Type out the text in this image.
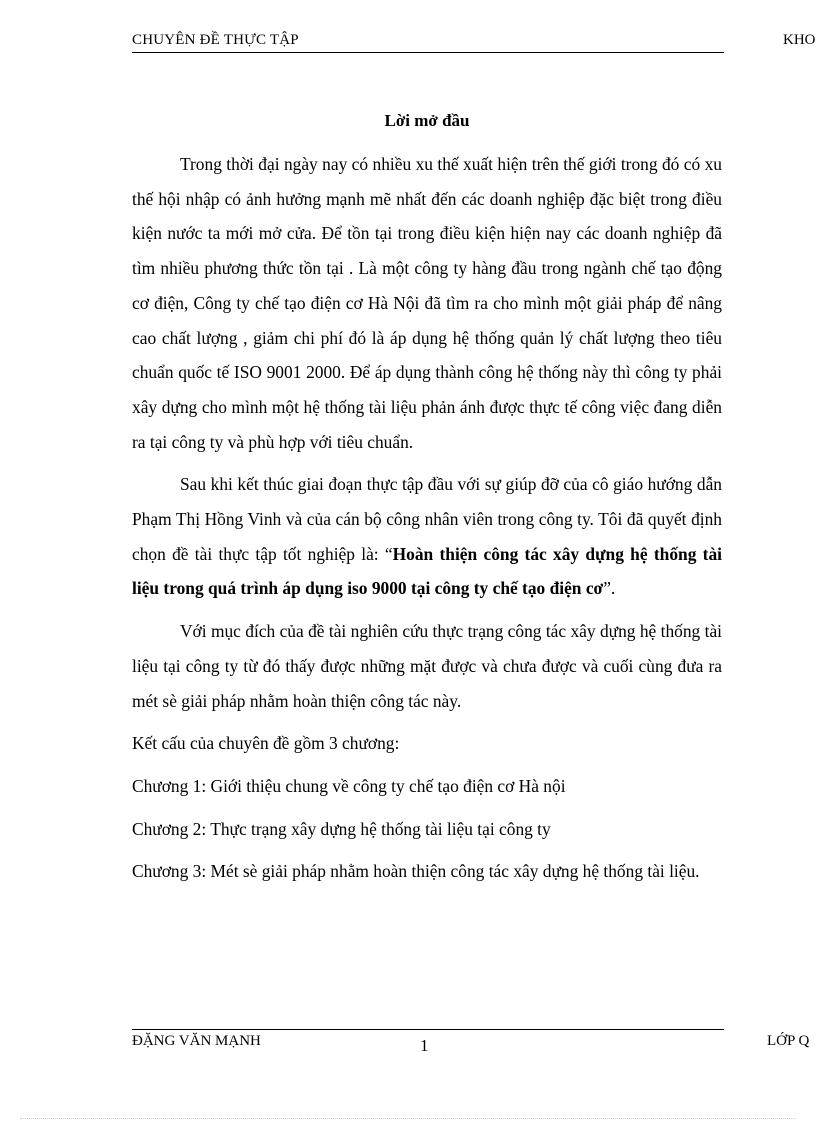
CHUYÊN ĐỀ THỰC TẬP	KHO
Lời mở đầu

Trong thời đại ngày nay có nhiều xu thế xuất hiện trên thế giới trong đó có xu thế hội nhập có ảnh hưởng mạnh mẽ nhất đến các doanh nghiệp đặc biệt trong điều kiện nước ta mới mở cửa. Để tồn tại trong điều kiện hiện nay các doanh nghiệp đã tìm nhiều phương thức tồn tại . Là một công ty hàng đầu trong ngành chế tạo động cơ điện, Công ty chế tạo điện cơ Hà Nội đã tìm ra cho mình một giải pháp để nâng cao chất lượng , giảm chi phí đó là áp dụng hệ thống quản lý chất lượng theo tiêu chuẩn quốc tế ISO 9001 2000. Để áp dụng thành công hệ thống này thì công ty phải xây dựng cho mình một hệ thống tài liệu phản ánh được thực tế công việc đang diễn ra tại công ty và phù hợp với tiêu chuẩn.

Sau khi kết thúc giai đoạn thực tập đầu với sự giúp đỡ của cô giáo hướng dẫn Phạm Thị Hồng Vinh và của cán bộ công nhân viên trong công ty. Tôi đã quyết định chọn đề tài thực tập tốt nghiệp là: “Hoàn thiện công tác xây dựng hệ thống tài liệu trong quá trình áp dụng iso 9000 tại công ty chế tạo điện cơ”.

Với mục đích của đề tài nghiên cứu thực trạng công tác xây dựng hệ thống tài liệu tại công ty từ đó thấy được những mặt được và chưa được và cuối cùng đưa ra mét sè giải pháp nhằm hoàn thiện công tác này.

Kết cấu của chuyên đề gồm 3 chương:

Chương 1: Giới thiệu chung về công ty chế tạo điện cơ Hà nội

Chương 2: Thực trạng xây dựng hệ thống tài liệu tại công ty

Chương 3: Mét sè giải pháp nhằm hoàn thiện công tác xây dựng hệ thống tài liệu.

ĐẶNG VĂN MẠNH	1	LỚP Q
